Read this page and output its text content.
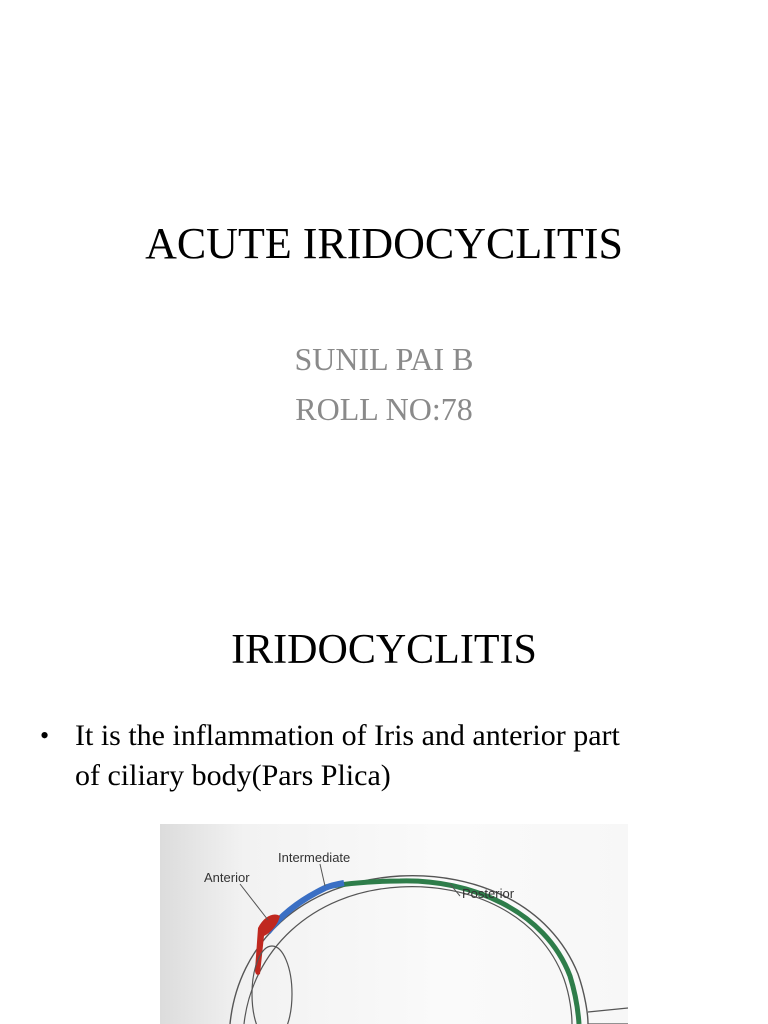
ACUTE IRIDOCYCLITIS
SUNIL PAI B
ROLL NO:78
IRIDOCYCLITIS
• It is the inflammation of Iris and anterior part
of ciliary body(Pars Plica)
Anterior
Intermediate
Posterior
